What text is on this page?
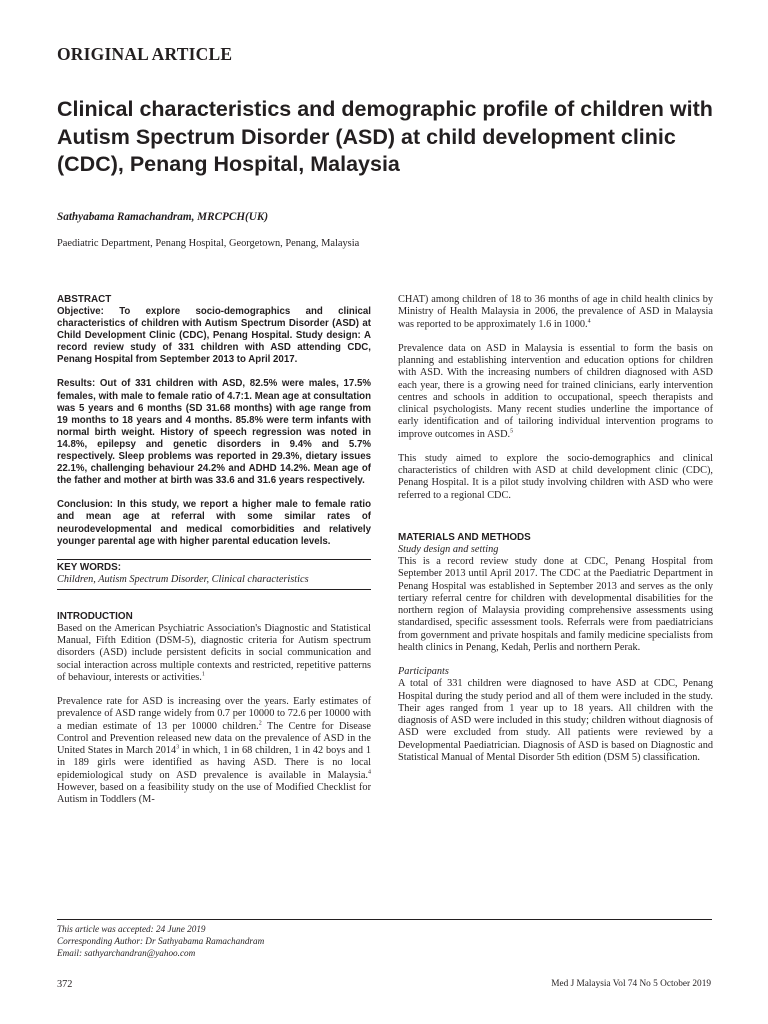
ORIGINAL ARTICLE
Clinical characteristics and demographic profile of children with Autism Spectrum Disorder (ASD) at child development clinic (CDC), Penang Hospital, Malaysia
Sathyabama Ramachandram, MRCPCH(UK)
Paediatric Department, Penang Hospital, Georgetown, Penang, Malaysia
ABSTRACT

Objective: To explore socio-demographics and clinical characteristics of children with Autism Spectrum Disorder (ASD) at Child Development Clinic (CDC), Penang Hospital. Study design: A record review study of 331 children with ASD attending CDC, Penang Hospital from September 2013 to April 2017.

Results: Out of 331 children with ASD, 82.5% were males, 17.5% females, with male to female ratio of 4.7:1. Mean age at consultation was 5 years and 6 months (SD 31.68 months) with age range from 19 months to 18 years and 4 months. 85.8% were term infants with normal birth weight. History of speech regression was noted in 14.8%, epilepsy and genetic disorders in 9.4% and 5.7% respectively. Sleep problems was reported in 29.3%, dietary issues 22.1%, challenging behaviour 24.2% and ADHD 14.2%. Mean age of the father and mother at birth was 33.6 and 31.6 years respectively.

Conclusion: In this study, we report a higher male to female ratio and mean age at referral with some similar rates of neurodevelopmental and medical comorbidities and relatively younger parental age with higher parental education levels.

KEY WORDS:
Children, Autism Spectrum Disorder, Clinical characteristics
INTRODUCTION

Based on the American Psychiatric Association's Diagnostic and Statistical Manual, Fifth Edition (DSM-5), diagnostic criteria for Autism spectrum disorders (ASD) include persistent deficits in social communication and social interaction across multiple contexts and restricted, repetitive patterns of behaviour, interests or activities.$^1$

Prevalence rate for ASD is increasing over the years. Early estimates of prevalence of ASD range widely from 0.7 per 10000 to 72.6 per 10000 with a median estimate of 13 per 10000 children.$^2$ The Centre for Disease Control and Prevention released new data on the prevalence of ASD in the United States in March 2014$^3$ in which, 1 in 68 children, 1 in 42 boys and 1 in 189 girls were identified as having ASD. There is no local epidemiological study on ASD prevalence is available in Malaysia.$^4$ However, based on a feasibility study on the use of Modified Checklist for Autism in Toddlers (M-

CHAT) among children of 18 to 36 months of age in child health clinics by Ministry of Health Malaysia in 2006, the prevalence of ASD in Malaysia was reported to be approximately 1.6 in 1000.$^4$

Prevalence data on ASD in Malaysia is essential to form the basis on planning and establishing intervention and education options for children with ASD. With the increasing numbers of children diagnosed with ASD each year, there is a growing need for trained clinicians, early intervention centres and schools in addition to occupational, speech therapists and clinical psychologists. Many recent studies underline the importance of early identification and of tailoring individual intervention programs to improve outcomes in ASD.$^5$

This study aimed to explore the socio-demographics and clinical characteristics of children with ASD at child development clinic (CDC), Penang Hospital. It is a pilot study involving children with ASD who were referred to a regional CDC.

MATERIALS AND METHODS
Study design and setting

This is a record review study done at CDC, Penang Hospital from September 2013 until April 2017. The CDC at the Paediatric Department in Penang Hospital was established in September 2013 and serves as the only tertiary referral centre for children with developmental disabilities for the northern region of Malaysia providing comprehensive assessments using standardised, specific assessment tools. Referrals were from paediatricians from government and private hospitals and family medicine specialists from health clinics in Penang, Kedah, Perlis and northern Perak.

Participants

A total of 331 children were diagnosed to have ASD at CDC, Penang Hospital during the study period and all of them were included in the study. Their ages ranged from 1 year up to 18 years. All children with the diagnosis of ASD were included in this study; children without diagnosis of ASD were excluded from study. All patients were reviewed by a Developmental Paediatrician. Diagnosis of ASD is based on Diagnostic and Statistical Manual of Mental Disorder 5th edition (DSM 5) classification.

This article was accepted: 24 June 2019
Corresponding Author: Dr Sathyabama Ramachandram
Email: sathyarchandran@yahoo.com
372	Med J Malaysia Vol 74 No 5 October 2019
